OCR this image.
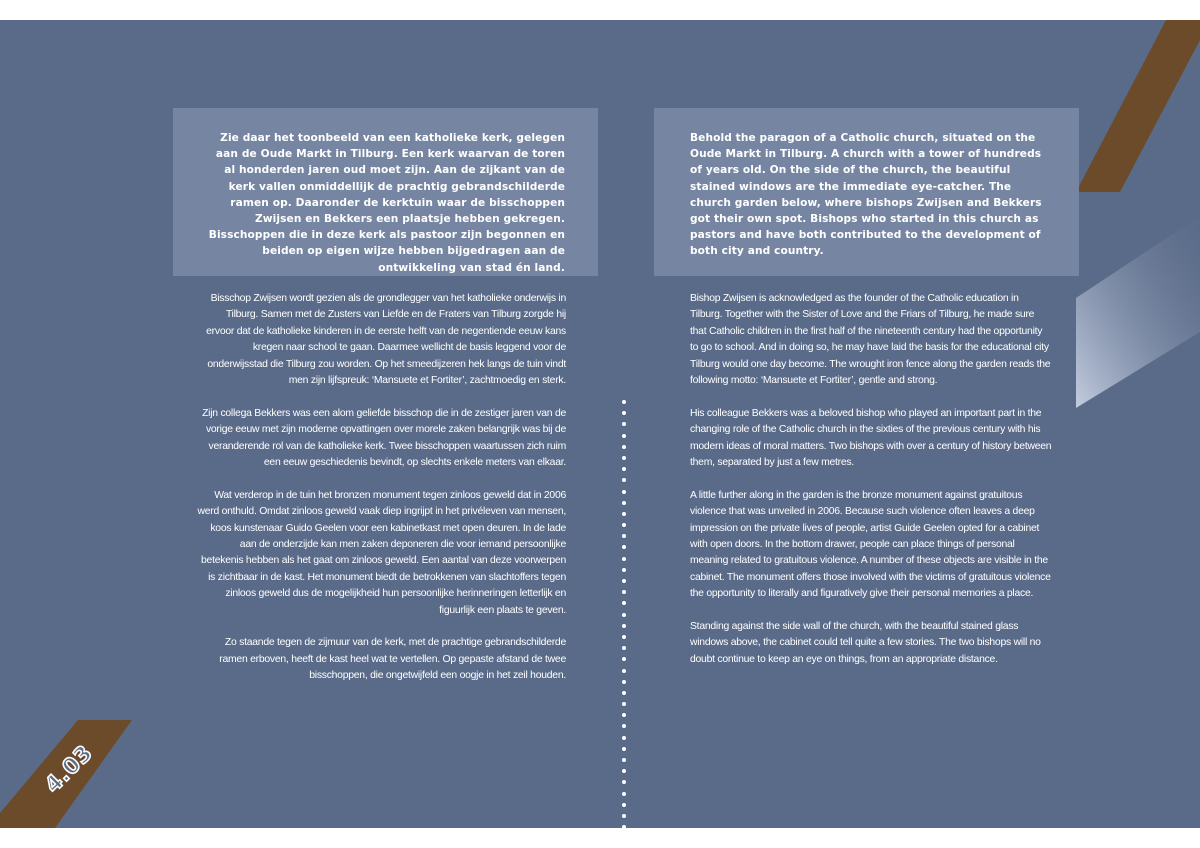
Zie daar het toonbeeld van een katholieke kerk, gelegen aan de Oude Markt in Tilburg. Een kerk waarvan de toren al honderden jaren oud moet zijn. Aan de zijkant van de kerk vallen onmiddellijk de prachtig gebrandschilderde ramen op. Daaronder de kerktuin waar de bisschoppen Zwijsen en Bekkers een plaatsje hebben gekregen. Bisschoppen die in deze kerk als pastoor zijn begonnen en beiden op eigen wijze hebben bijgedragen aan de ontwikkeling van stad én land.
Behold the paragon of a Catholic church, situated on the Oude Markt in Tilburg. A church with a tower of hundreds of years old. On the side of the church, the beautiful stained windows are the immediate eye-catcher. The church garden below, where bishops Zwijsen and Bekkers got their own spot. Bishops who started in this church as pastors and have both contributed to the development of both city and country.

Bisschop Zwijsen wordt gezien als de grondlegger van het katholieke onderwijs in Tilburg. Samen met de Zusters van Liefde en de Fraters van Tilburg zorgde hij ervoor dat de katholieke kinderen in de eerste helft van de negentiende eeuw kans kregen naar school te gaan. Daarmee wellicht de basis leggend voor de onderwijsstad die Tilburg zou worden. Op het smeedijzeren hek langs de tuin vindt men zijn lijfspreuk: ‘Mansuete et Fortiter’, zachtmoedig en sterk.

Zijn collega Bekkers was een alom geliefde bisschop die in de zestiger jaren van de vorige eeuw met zijn moderne opvattingen over morele zaken belangrijk was bij de veranderende rol van de katholieke kerk. Twee bisschoppen waartussen zich ruim een eeuw geschiedenis bevindt, op slechts enkele meters van elkaar.

Wat verderop in de tuin het bronzen monument tegen zinloos geweld dat in 2006 werd onthuld. Omdat zinloos geweld vaak diep ingrijpt in het privéleven van mensen, koos kunstenaar Guido Geelen voor een kabinetkast met open deuren. In de lade aan de onderzijde kan men zaken deponeren die voor iemand persoonlijke betekenis hebben als het gaat om zinloos geweld. Een aantal van deze voorwerpen is zichtbaar in de kast. Het monument biedt de betrokkenen van slachtoffers tegen zinloos geweld dus de mogelijkheid hun persoonlijke herinneringen letterlijk en figuurlijk een plaats te geven.

Zo staande tegen de zijmuur van de kerk, met de prachtige gebrandschilderde ramen erboven, heeft de kast heel wat te vertellen. Op gepaste afstand de twee bisschoppen, die ongetwijfeld een oogje in het zeil houden.

Bishop Zwijsen is acknowledged as the founder of the Catholic education in Tilburg. Together with the Sister of Love and the Friars of Tilburg, he made sure that Catholic children in the first half of the nineteenth century had the opportunity to go to school. And in doing so, he may have laid the basis for the educational city Tilburg would one day become. The wrought iron fence along the garden reads the following motto: ‘Mansuete et Fortiter’, gentle and strong.

His colleague Bekkers was a beloved bishop who played an important part in the changing role of the Catholic church in the sixties of the previous century with his modern ideas of moral matters. Two bishops with over a century of history between them, separated by just a few metres.

A little further along in the garden is the bronze monument against gratuitous violence that was unveiled in 2006. Because such violence often leaves a deep impression on the private lives of people, artist Guide Geelen opted for a cabinet with open doors. In the bottom drawer, people can place things of personal meaning related to gratuitous violence. A number of these objects are visible in the cabinet. The monument offers those involved with the victims of gratuitous violence the opportunity to literally and figuratively give their personal memories a place.

Standing against the side wall of the church, with the beautiful stained glass windows above, the cabinet could tell quite a few stories. The two bishops will no doubt continue to keep an eye on things, from an appropriate distance.

4.03
